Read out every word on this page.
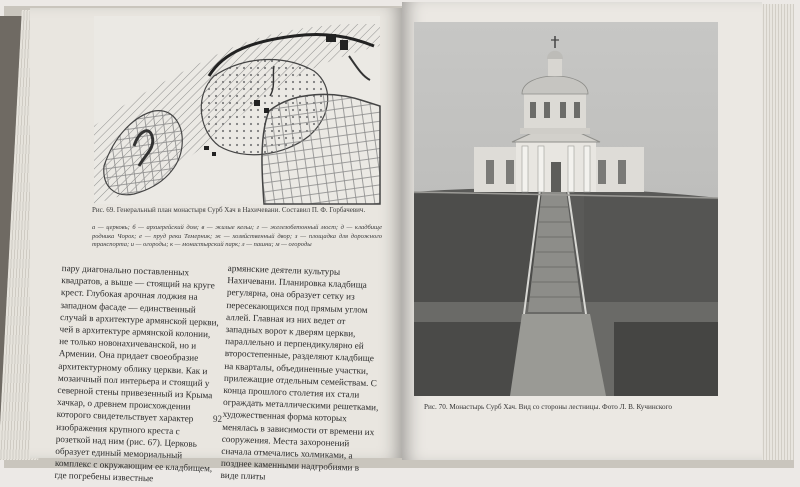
Рис. 69. Генеральный план монастыря Сурб Хач в Нахичевани. Составил П. Ф. Горбачевич.
а — церковь; б — архиерейский дом; в — жилые кельи; г — железобетонный мост; д — кладбище родника Чорох; е — пруд реки Темерник; ж — хозяйственный двор; з — площадка для дорожного транспорта; и — огороды; к — монастырский парк; л — пашни; м — огороды

пару диагонально поставленных квадратов, а выше — стоящий на круге крест. Глубокая арочная лоджия на западном фасаде — единственный случай в архитектуре армянской церкви, чей в архитектуре армянской колонии, не только новонахичеванской, но и Армении. Она придает своеобразие архитектурному облику церкви. Как и мозаичный пол интерьера и стоящий у северной стены привезенный из Крыма хачкар, о древнем происхождении которого свидетельствует характер изображения крупного креста с розеткой над ним (рис. 67). Церковь образует единый мемориальный комплекс с окружающим ее кладбищем, где погребены известные

армянские деятели культуры Нахичевани. Планировка кладбища регулярна, она образует сетку из пересекающихся под прямым углом аллей. Главная из них ведет от западных ворот к дверям церкви, параллельно и перпендикулярно ей второстепенные, разделяют кладбище на кварталы, объединенные участки, прилежащие отдельным семействам. С конца прошлого столетия их стали ограждать металлическими решетками, художественная форма которых менялась в зависимости от времени их сооружения. Места захоронений сначала отмечались холмиками, а позднее каменными надгробиями в виде плиты

92
Рис. 70. Монастырь Сурб Хач. Вид со стороны лестницы. Фото Л. В. Кучинского
